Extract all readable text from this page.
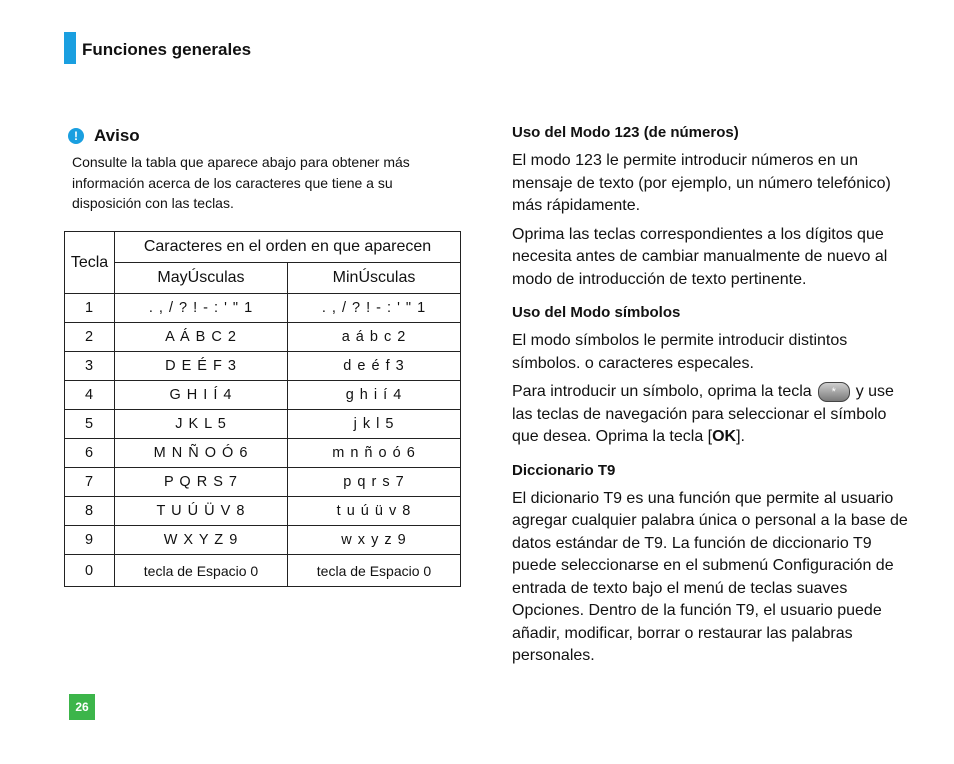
Funciones generales
! Aviso
Consulte la tabla que aparece abajo para obtener más información acerca de los caracteres que tiene a su disposición con las teclas.
Tecla	Caracteres en el orden en que aparecen	
	MayÚsculas	MinÚsculas
1	. , / ? ! - : ' " 1	. , / ? ! - : ' " 1
2	A Á B C 2	a á b c 2
3	D E É F 3	d e é f 3
4	G H I Í 4	g h i í 4
5	J K L 5	j k l 5
6	M N Ñ O Ó 6	m n ñ o ó 6
7	P Q R S 7	p q r s 7
8	T U Ú Ü V 8	t u ú ü v 8
9	W X Y Z 9	w x y z 9
0	tecla de Espacio 0	tecla de Espacio 0
Uso del Modo 123 (de números)

El modo 123 le permite introducir números en un mensaje de texto (por ejemplo, un número telefónico) más rápidamente.

Oprima las teclas correspondientes a los dígitos que necesita antes de cambiar manualmente de nuevo al modo de introducción de texto pertinente.

Uso del Modo símbolos

El modo símbolos le permite introducir distintos símbolos. o caracteres especales.

Para introducir un símbolo, oprima la tecla * y use las teclas de navegación para seleccionar el símbolo que desea. Oprima la tecla [OK].

Diccionario T9

El dicionario T9 es una función que permite al usuario agregar cualquier palabra única o personal a la base de datos estándar de T9. La función de diccionario T9 puede seleccionarse en el submenú Configuración de entrada de texto bajo el menú de teclas suaves Opciones. Dentro de la función T9, el usuario puede añadir, modificar, borrar o restaurar las palabras personales.

26
